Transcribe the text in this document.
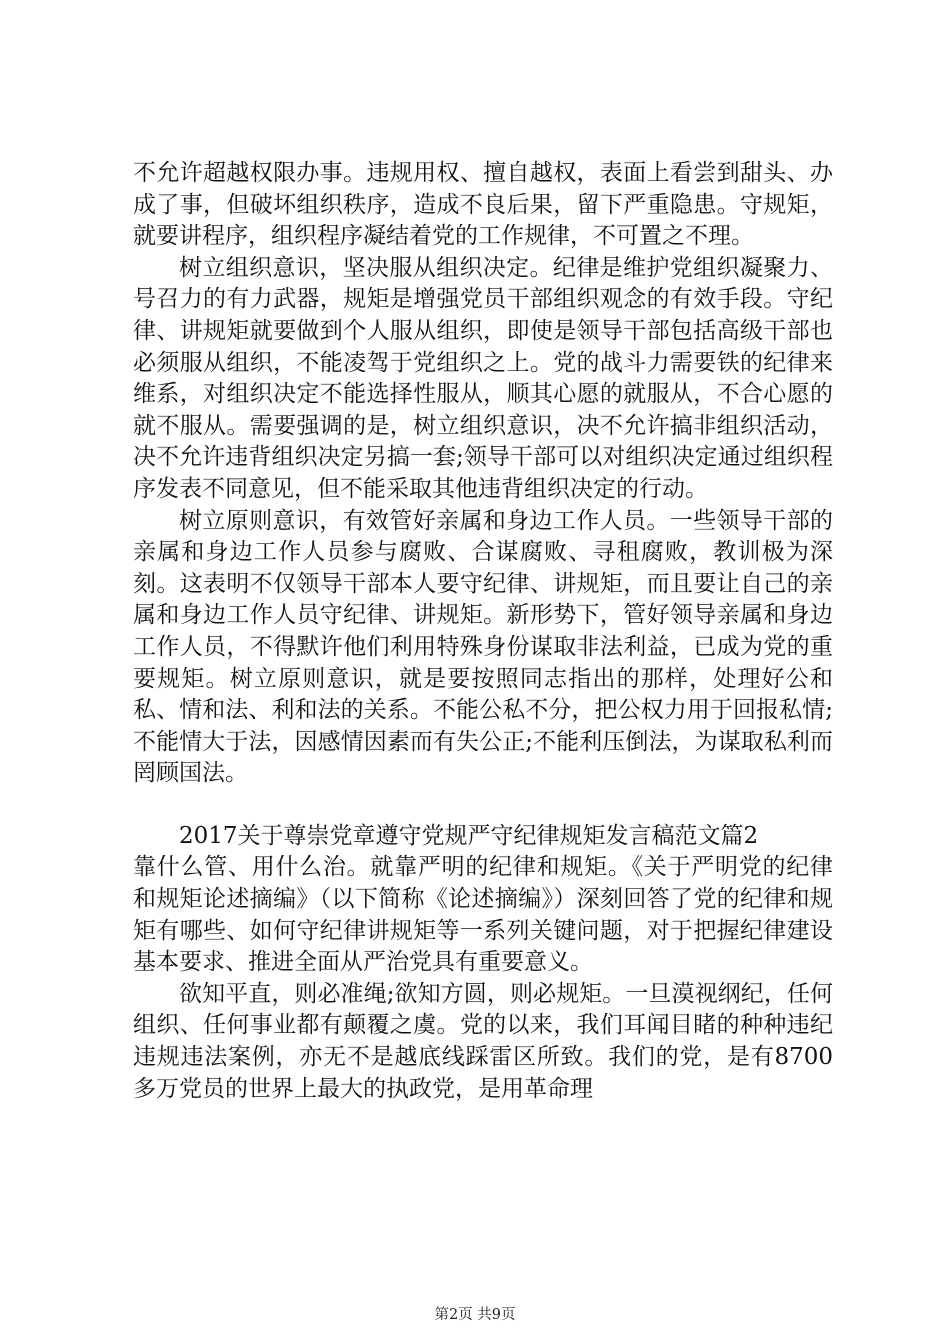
不允许超越权限办事。违规用权、擅自越权，表面上看尝到甜头、办成了事，但破坏组织秩序，造成不良后果，留下严重隐患。守规矩，就要讲程序，组织程序凝结着党的工作规律，不可置之不理。

树立组织意识，坚决服从组织决定。纪律是维护党组织凝聚力、号召力的有力武器，规矩是增强党员干部组织观念的有效手段。守纪律、讲规矩就要做到个人服从组织，即使是领导干部包括高级干部也必须服从组织，不能凌驾于党组织之上。党的战斗力需要铁的纪律来维系，对组织决定不能选择性服从，顺其心愿的就服从，不合心愿的就不服从。需要强调的是，树立组织意识，决不允许搞非组织活动，决不允许违背组织决定另搞一套;领导干部可以对组织决定通过组织程序发表不同意见，但不能采取其他违背组织决定的行动。

树立原则意识，有效管好亲属和身边工作人员。一些领导干部的亲属和身边工作人员参与腐败、合谋腐败、寻租腐败，教训极为深刻。这表明不仅领导干部本人要守纪律、讲规矩，而且要让自己的亲属和身边工作人员守纪律、讲规矩。新形势下，管好领导亲属和身边工作人员，不得默许他们利用特殊身份谋取非法利益，已成为党的重要规矩。树立原则意识，就是要按照同志指出的那样，处理好公和私、情和法、利和法的关系。不能公私不分，把公权力用于回报私情;不能情大于法，因感情因素而有失公正;不能利压倒法，为谋取私利而罔顾国法。

2017关于尊崇党章遵守党规严守纪律规矩发言稿范文篇2

靠什么管、用什么治。就靠严明的纪律和规矩。《关于严明党的纪律和规矩论述摘编》（以下简称《论述摘编》）深刻回答了党的纪律和规矩有哪些、如何守纪律讲规矩等一系列关键问题，对于把握纪律建设基本要求、推进全面从严治党具有重要意义。

欲知平直，则必准绳;欲知方圆，则必规矩。一旦漠视纲纪，任何组织、任何事业都有颠覆之虞。党的以来，我们耳闻目睹的种种违纪违规违法案例，亦无不是越底线踩雷区所致。我们的党，是有8700多万党员的世界上最大的执政党，是用革命理

第2页 共9页
